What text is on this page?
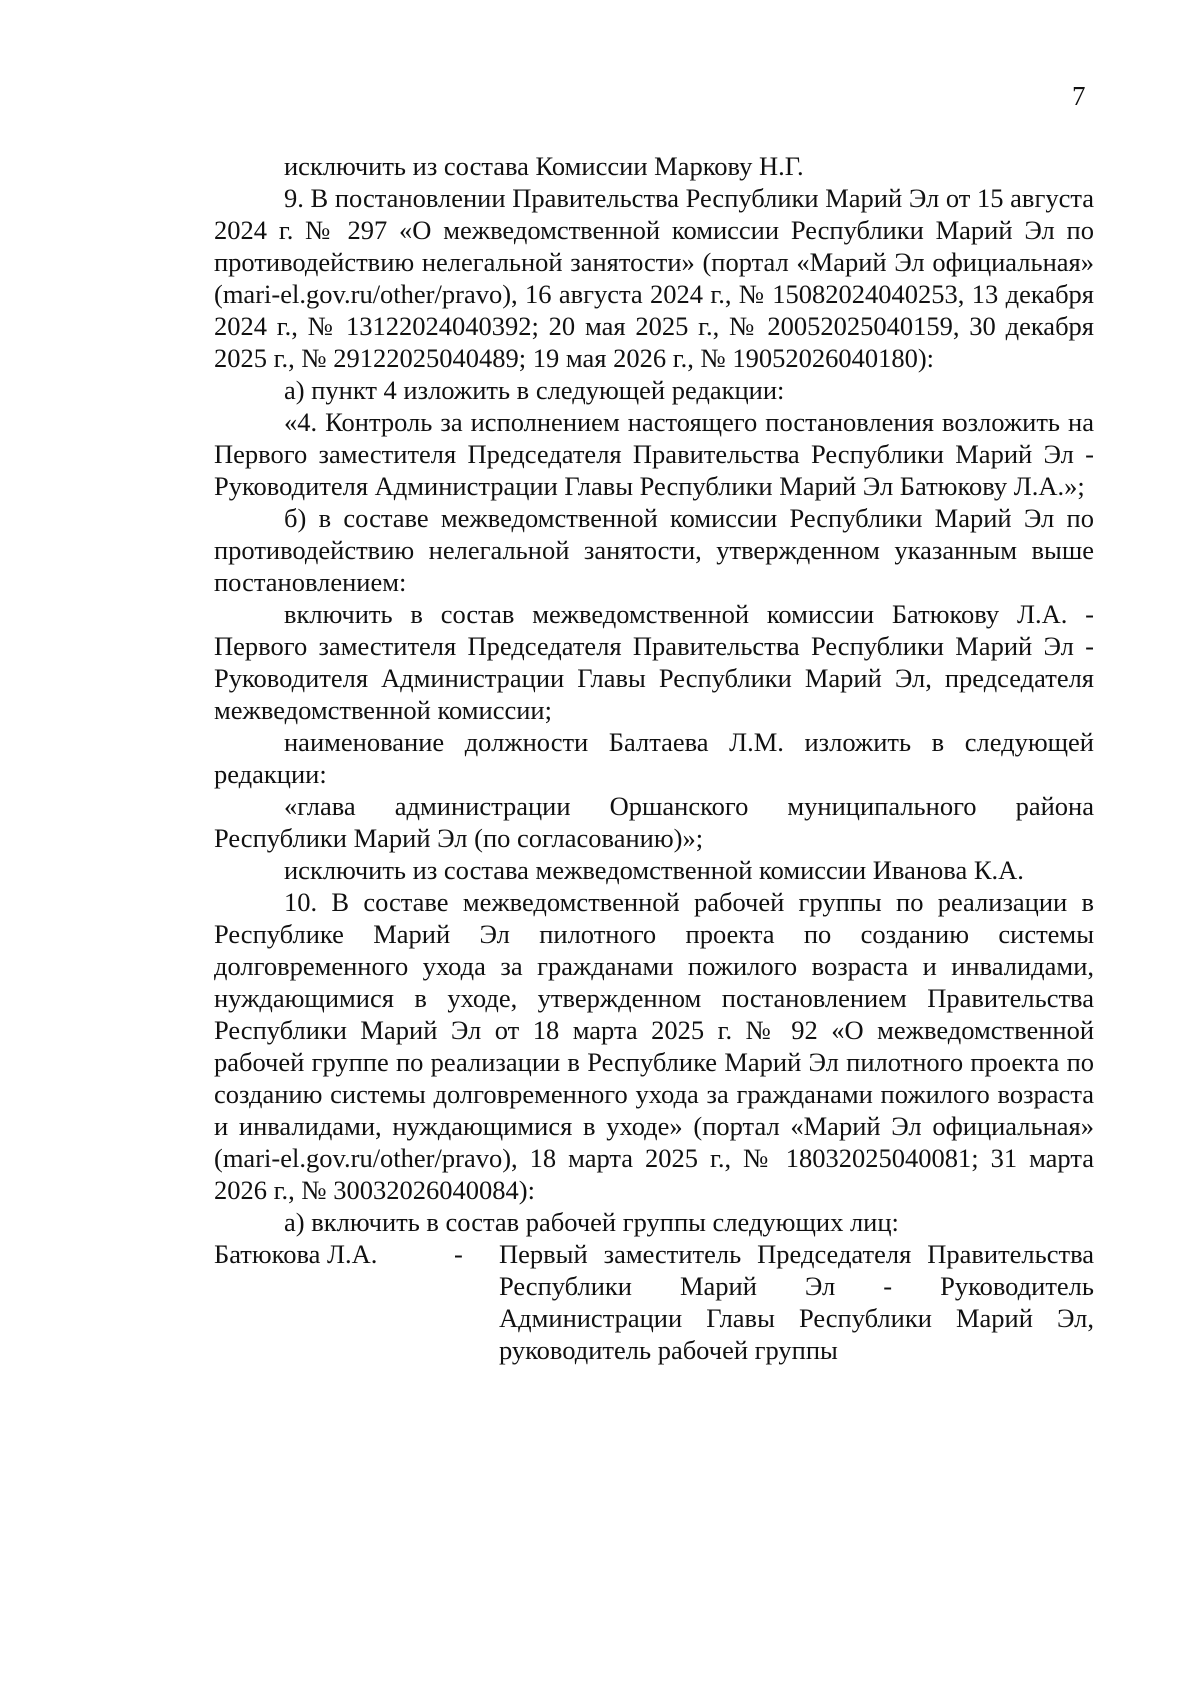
7

исключить из состава Комиссии Маркову Н.Г.

9. В постановлении Правительства Республики Марий Эл от 15 августа 2024 г. № 297 «О межведомственной комиссии Республики Марий Эл по противодействию нелегальной занятости» (портал «Марий Эл официальная» (mari-el.gov.ru/other/pravo), 16 августа 2024 г., № 15082024040253, 13 декабря 2024 г., № 13122024040392; 20 мая 2025 г., № 20052025040159, 30 декабря 2025 г., № 29122025040489; 19 мая 2026 г., № 19052026040180):

а) пункт 4 изложить в следующей редакции:

«4. Контроль за исполнением настоящего постановления возложить на Первого заместителя Председателя Правительства Республики Марий Эл - Руководителя Администрации Главы Республики Марий Эл Батюкову Л.А.»;

б) в составе межведомственной комиссии Республики Марий Эл по противодействию нелегальной занятости, утвержденном указанным выше постановлением:

включить в состав межведомственной комиссии Батюкову Л.А. - Первого заместителя Председателя Правительства Республики Марий Эл - Руководителя Администрации Главы Республики Марий Эл, председателя межведомственной комиссии;

наименование должности Балтаева Л.М. изложить в следующей редакции:

«глава администрации Оршанского муниципального района Республики Марий Эл (по согласованию)»;

исключить из состава межведомственной комиссии Иванова К.А.

10. В составе межведомственной рабочей группы по реализации в Республике Марий Эл пилотного проекта по созданию системы долговременного ухода за гражданами пожилого возраста и инвалидами, нуждающимися в уходе, утвержденном постановлением Правительства Республики Марий Эл от 18 марта 2025 г. № 92 «О межведомственной рабочей группе по реализации в Республике Марий Эл пилотного проекта по созданию системы долговременного ухода за гражданами пожилого возраста и инвалидами, нуждающимися в уходе» (портал «Марий Эл официальная» (mari-el.gov.ru/other/pravo), 18 марта 2025 г., № 18032025040081; 31 марта 2026 г., № 30032026040084):

а) включить в состав рабочей группы следующих лиц:

Батюкова Л.А.	-	Первый заместитель Председателя Правительства Республики Марий Эл - Руководитель Администрации Главы Республики Марий Эл, руководитель рабочей группы
